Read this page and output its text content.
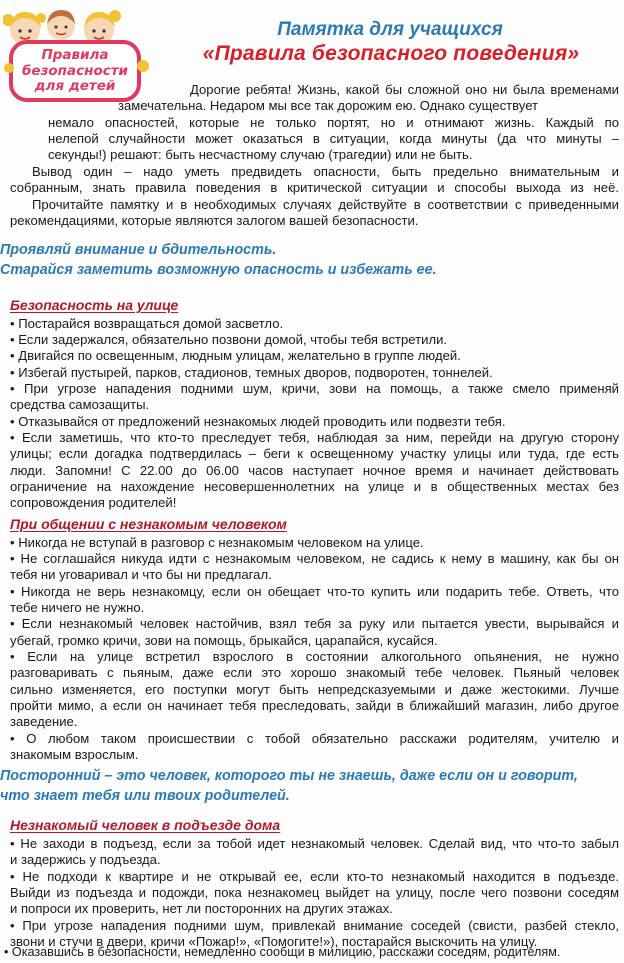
Правила
безопасности
для детей
Памятка для учащихся
«Правила безопасного поведения»
Дорогие ребята! Жизнь, какой бы сложной оно ни была временами
замечательна. Недаром мы все так дорожим ею. Однако существует
немало опасностей, которые не только портят, но и отнимают жизнь. Каждый по
нелепой случайности может оказаться в ситуации, когда минуты (да что минуты –
секунды!) решают: быть несчастному случаю (трагедии) или не быть.
Вывод один – надо уметь предвидеть опасности, быть предельно внимательным и
собранным, знать правила поведения в критической ситуации и способы выхода из неё.
Прочитайте памятку и в необходимых случаях действуйте в соответствии с приведенными
рекомендациями, которые являются залогом вашей безопасности.
Проявляй внимание и бдительность.
Старайся заметить возможную опасность и избежать ее.
Безопасность на улице
• Постарайся возвращаться домой засветло.
• Если задержался, обязательно позвони домой, чтобы тебя встретили.
• Двигайся по освещенным, людным улицам, желательно в группе людей.
• Избегай пустырей, парков, стадионов, темных дворов, подворотен, тоннелей.
• При угрозе нападения подними шум, кричи, зови на помощь, а также смело применяй
средства самозащиты.
• Отказывайся от предложений незнакомых людей проводить или подвезти тебя.
• Если заметишь, что кто-то преследует тебя, наблюдая за ним, перейди на другую сторону
улицы; если догадка подтвердилась – беги к освещенному участку улицы или туда, где есть
люди. Запомни! С 22.00 до 06.00 часов наступает ночное время и начинает действовать
ограничение на нахождение несовершеннолетних на улице и в общественных местах без
сопровождения родителей!
При общении с незнакомым человеком
• Никогда не вступай в разговор с незнакомым человеком на улице.
• Не соглашайся никуда идти с незнакомым человеком, не садись к нему в машину, как бы он
тебя ни уговаривал и что бы ни предлагал.
• Никогда не верь незнакомцу, если он обещает что-то купить или подарить тебе. Ответь, что
тебе ничего не нужно.
• Если незнакомый человек настойчив, взял тебя за руку или пытается увести, вырывайся и
убегай, громко кричи, зови на помощь, брыкайся, царапайся, кусайся.
• Если на улице встретил взрослого в состоянии алкогольного опьянения, не нужно
разговаривать с пьяным, даже если это хорошо знакомый тебе человек. Пьяный человек
сильно изменяется, его поступки могут быть непредсказуемыми и даже жестокими. Лучше
пройти мимо, а если он начинает тебя преследовать, зайди в ближайший магазин, либо другое
заведение.
• О любом таком происшествии с тобой обязательно расскажи родителям, учителю и
знакомым взрослым.
Посторонний – это человек, которого ты не знаешь, даже если он и говорит,
что знает тебя или твоих родителей.
Незнакомый человек в подъезде дома
• Не заходи в подъезд, если за тобой идет незнакомый человек. Сделай вид, что что-то забыл
и задержись у подъезда.
• Не подходи к квартире и не открывай ее, если кто-то незнакомый находится в подъезде.
Выйди из подъезда и подожди, пока незнакомец выйдет на улицу, после чего позвони соседям
и попроси их проверить, нет ли посторонних на других этажах.
• При угрозе нападения подними шум, привлекай внимание соседей (свисти, разбей стекло,
звони и стучи в двери, кричи «Пожар!», «Помогите!»), постарайся выскочить на улицу.
• Оказавшись в безопасности, немедленно сообщи в милицию, расскажи соседям, родителям.
